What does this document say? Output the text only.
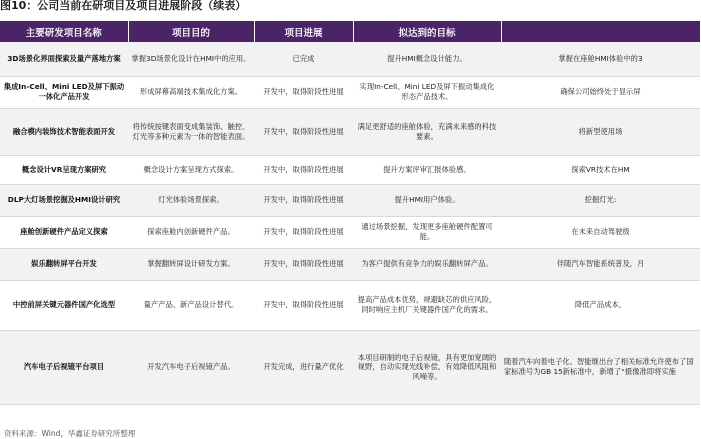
图10：公司当前在研项目及项目进展阶段（续表）
主要研发项目名称	项目目的	项目进展	拟达到的目标	
3D场景化界面探索及量产落地方案	掌握3D场景化设计在HMI中的应用。	已完成	提升HMI概念设计能力。	掌握在座舱HMI体验中的3
集成In-Cell、Mini LED及屏下振动一体化产品开发	形成屏幕高端技术集成化方案。	开发中，取得阶段性进展	实现In-Cell、Mini LED及屏下振动集成化形态产品技术。	确保公司始终处于显示屏
融合模内装饰技术智能表面开发	将传统按键表面变成集装饰、触控、灯光等多种元素为一体的智能表面。	开发中，取得阶段性进展	满足更舒适的座舱体验，充满未来感的科技要素。	将新型使用场
概念设计VR呈现方案研究	概念设计方案呈现方式探索。	开发中，取得阶段性进展	提升方案评审汇报体验感。	探索VR技术在HM
DLP大灯场景挖掘及HMI设计研究	灯光体验场景探索。	开发中，取得阶段性进展	提升HMI用户体验。	挖掘灯光:
座舱创新硬件产品定义探索	探索座舱内创新硬件产品。	开发中，取得阶段性进展	通过场景挖掘，发现更多座舱硬件配置可能。	在未来自动驾驶级
娱乐翻转屏平台开发	掌握翻转屏设计研发方案。	开发中，取得阶段性进展	为客户提供有竞争力的娱乐翻转屏产品。	伴随汽车智能系统普及，月
中控前屏关键元器件国产化选型	量产产品、新产品设计替代。	开发中，取得阶段性进展	提高产品成本优势，规避缺芯的供应风险，同时响应主机厂关键器件国产化的需求。	降低产品成本，
汽车电子后视镜平台项目	开发汽车电子后视镜产品。	开发完成，进行量产优化	本项目研制的电子后视镜，具有更加宽阔的视野，自动实现光线补偿，有效降低风阻和风噪等。	随着汽车向着电子化、智能继出台了相关标准允许使布了国家标准号为GB 15新标准中，新增了“摄像准即将实施
资料来源：Wind，华鑫证券研究所整理
